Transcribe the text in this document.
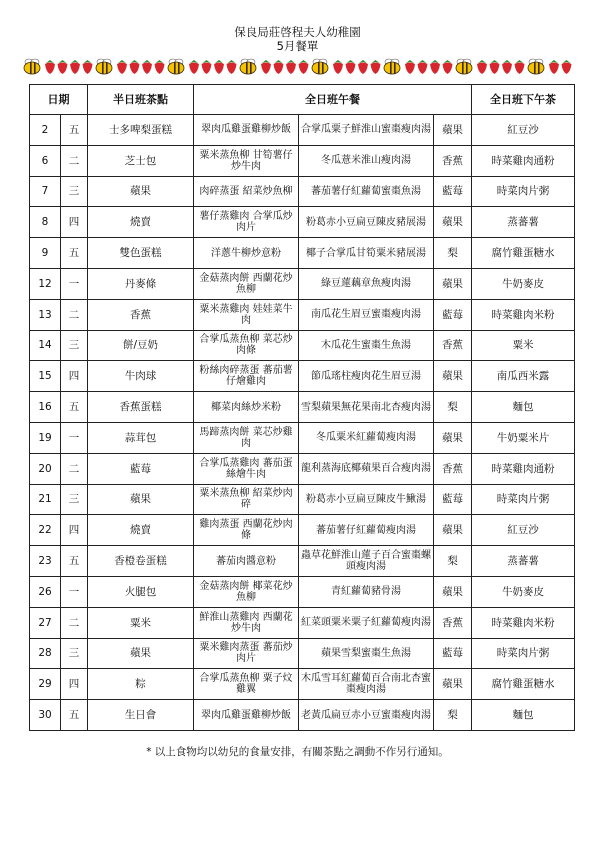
保良局莊啓程夫人幼稚園
5月餐單
日期		半日班茶點	全日班午餐			全日班下午茶
2	五	士多啤梨蛋糕	翠肉瓜雞蛋雞柳炒飯	合掌瓜粟子鮮淮山蜜棗瘦肉湯	蘋果	紅豆沙
6	二	芝士包	粟米蒸魚柳 甘筍薯仔炒牛肉	冬瓜薏米淮山瘦肉湯	香蕉	時菜雞肉通粉
7	三	蘋果	肉碎蒸蛋 紹菜炒魚柳	蕃茄薯仔紅蘿蔔蜜棗魚湯	藍莓	時菜肉片粥
8	四	燒賣	薯仔蒸雞肉 合掌瓜炒肉片	粉葛赤小豆扁豆陳皮豬展湯	蘋果	蒸蕃薯
9	五	雙色蛋糕	洋蔥牛柳炒意粉	椰子合掌瓜甘筍粟米豬展湯	梨	腐竹雞蛋糖水
12	一	丹麥條	金菇蒸肉餅 西蘭花炒魚柳	綠豆蓮藕章魚瘦肉湯	蘋果	牛奶麥皮
13	二	香蕉	粟米蒸雞肉 娃娃菜牛肉	南瓜花生眉豆蜜棗瘦肉湯	藍莓	時菜雞肉米粉
14	三	餅/豆奶	合掌瓜蒸魚柳 菜芯炒肉條	木瓜花生蜜棗生魚湯	香蕉	粟米
15	四	牛肉球	粉絲肉碎蒸蛋 蕃茄薯仔燴雞肉	節瓜瑤柱瘦肉花生眉豆湯	蘋果	南瓜西米露
16	五	香蕉蛋糕	椰菜肉絲炒米粉	雪梨蘋果無花果南北杏瘦肉湯	梨	麵包
19	一	蒜茸包	馬蹄蒸肉餅 菜芯炒雞肉	冬瓜粟米紅蘿蔔瘦肉湯	蘋果	牛奶粟米片
20	二	藍莓	合掌瓜蒸雞肉 蕃茄蛋絲燴牛肉	龍利蒸海底椰蘋果百合瘦肉湯	香蕉	時菜雞肉通粉
21	三	蘋果	粟米蒸魚柳 紹菜炒肉碎	粉葛赤小豆扁豆陳皮牛鰍湯	藍莓	時菜肉片粥
22	四	燒賣	雞肉蒸蛋 西蘭花炒肉條	蕃茄薯仔紅蘿蔔瘦肉湯	蘋果	紅豆沙
23	五	香橙卷蛋糕	蕃茄肉醬意粉	蟲草花鮮淮山蓮子百合蜜棗螺頭瘦肉湯	梨	蒸蕃薯
26	一	火腿包	金菇蒸肉餅 椰菜花炒魚柳	青紅蘿蔔豬骨湯	蘋果	牛奶麥皮
27	二	粟米	鮮淮山蒸雞肉 西蘭花炒牛肉	紅菜頭粟米粟子紅蘿蔔瘦肉湯	香蕉	時菜雞肉米粉
28	三	蘋果	粟米雞肉蒸蛋 蕃茄炒肉片	蘋果雪梨蜜棗生魚湯	藍莓	時菜肉片粥
29	四	粽	合掌瓜蒸魚柳 粟子炆雞翼	木瓜雪耳紅蘿蔔百合南北杏蜜棗瘦肉湯	蘋果	腐竹雞蛋糖水
30	五	生日會	翠肉瓜雞蛋雞柳炒飯	老黃瓜扁豆赤小豆蜜棗瘦肉湯	梨	麵包
* 以上食物均以幼兒的食量安排，有關茶點之調動不作另行通知。
